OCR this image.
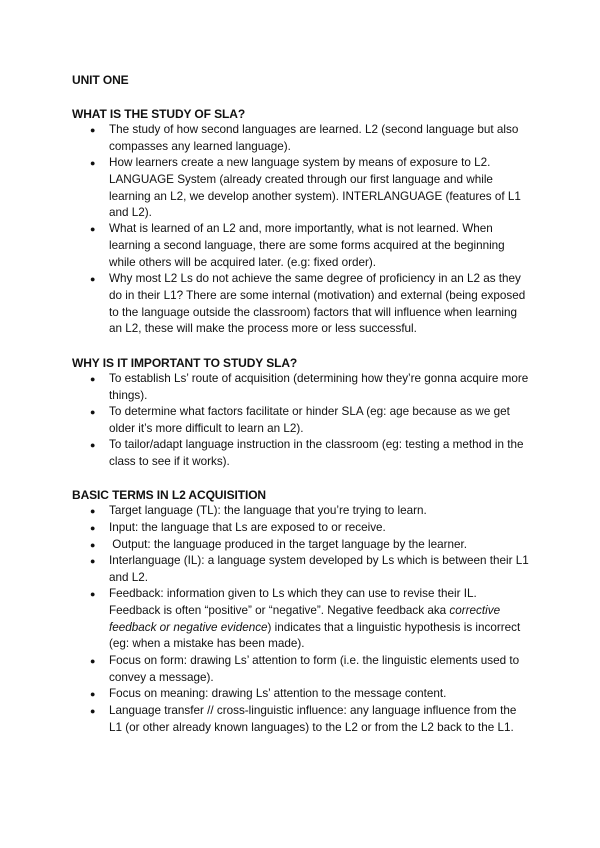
UNIT ONE
WHAT IS THE STUDY OF SLA?
● The study of how second languages are learned. L2 (second language but also compasses any learned language).
● How learners create a new language system by means of exposure to L2. LANGUAGE System (already created through our first language and while learning an L2, we develop another system). INTERLANGUAGE (features of L1 and L2).
● What is learned of an L2 and, more importantly, what is not learned. When learning a second language, there are some forms acquired at the beginning while others will be acquired later. (e.g: fixed order).
● Why most L2 Ls do not achieve the same degree of proficiency in an L2 as they do in their L1? There are some internal (motivation) and external (being exposed to the language outside the classroom) factors that will influence when learning an L2, these will make the process more or less successful.
WHY IS IT IMPORTANT TO STUDY SLA?
● To establish Ls’ route of acquisition (determining how they’re gonna acquire more things).
● To determine what factors facilitate or hinder SLA (eg: age because as we get older it’s more difficult to learn an L2).
● To tailor/adapt language instruction in the classroom (eg: testing a method in the class to see if it works).
BASIC TERMS IN L2 ACQUISITION
● Target language (TL): the language that you’re trying to learn.
● Input: the language that Ls are exposed to or receive.
● Output: the language produced in the target language by the learner.
● Interlanguage (IL): a language system developed by Ls which is between their L1 and L2.
● Feedback: information given to Ls which they can use to revise their IL. Feedback is often “positive” or “negative”. Negative feedback aka corrective feedback or negative evidence) indicates that a linguistic hypothesis is incorrect (eg: when a mistake has been made).
● Focus on form: drawing Ls’ attention to form (i.e. the linguistic elements used to convey a message).
● Focus on meaning: drawing Ls’ attention to the message content.
● Language transfer // cross-linguistic influence: any language influence from the L1 (or other already known languages) to the L2 or from the L2 back to the L1.
